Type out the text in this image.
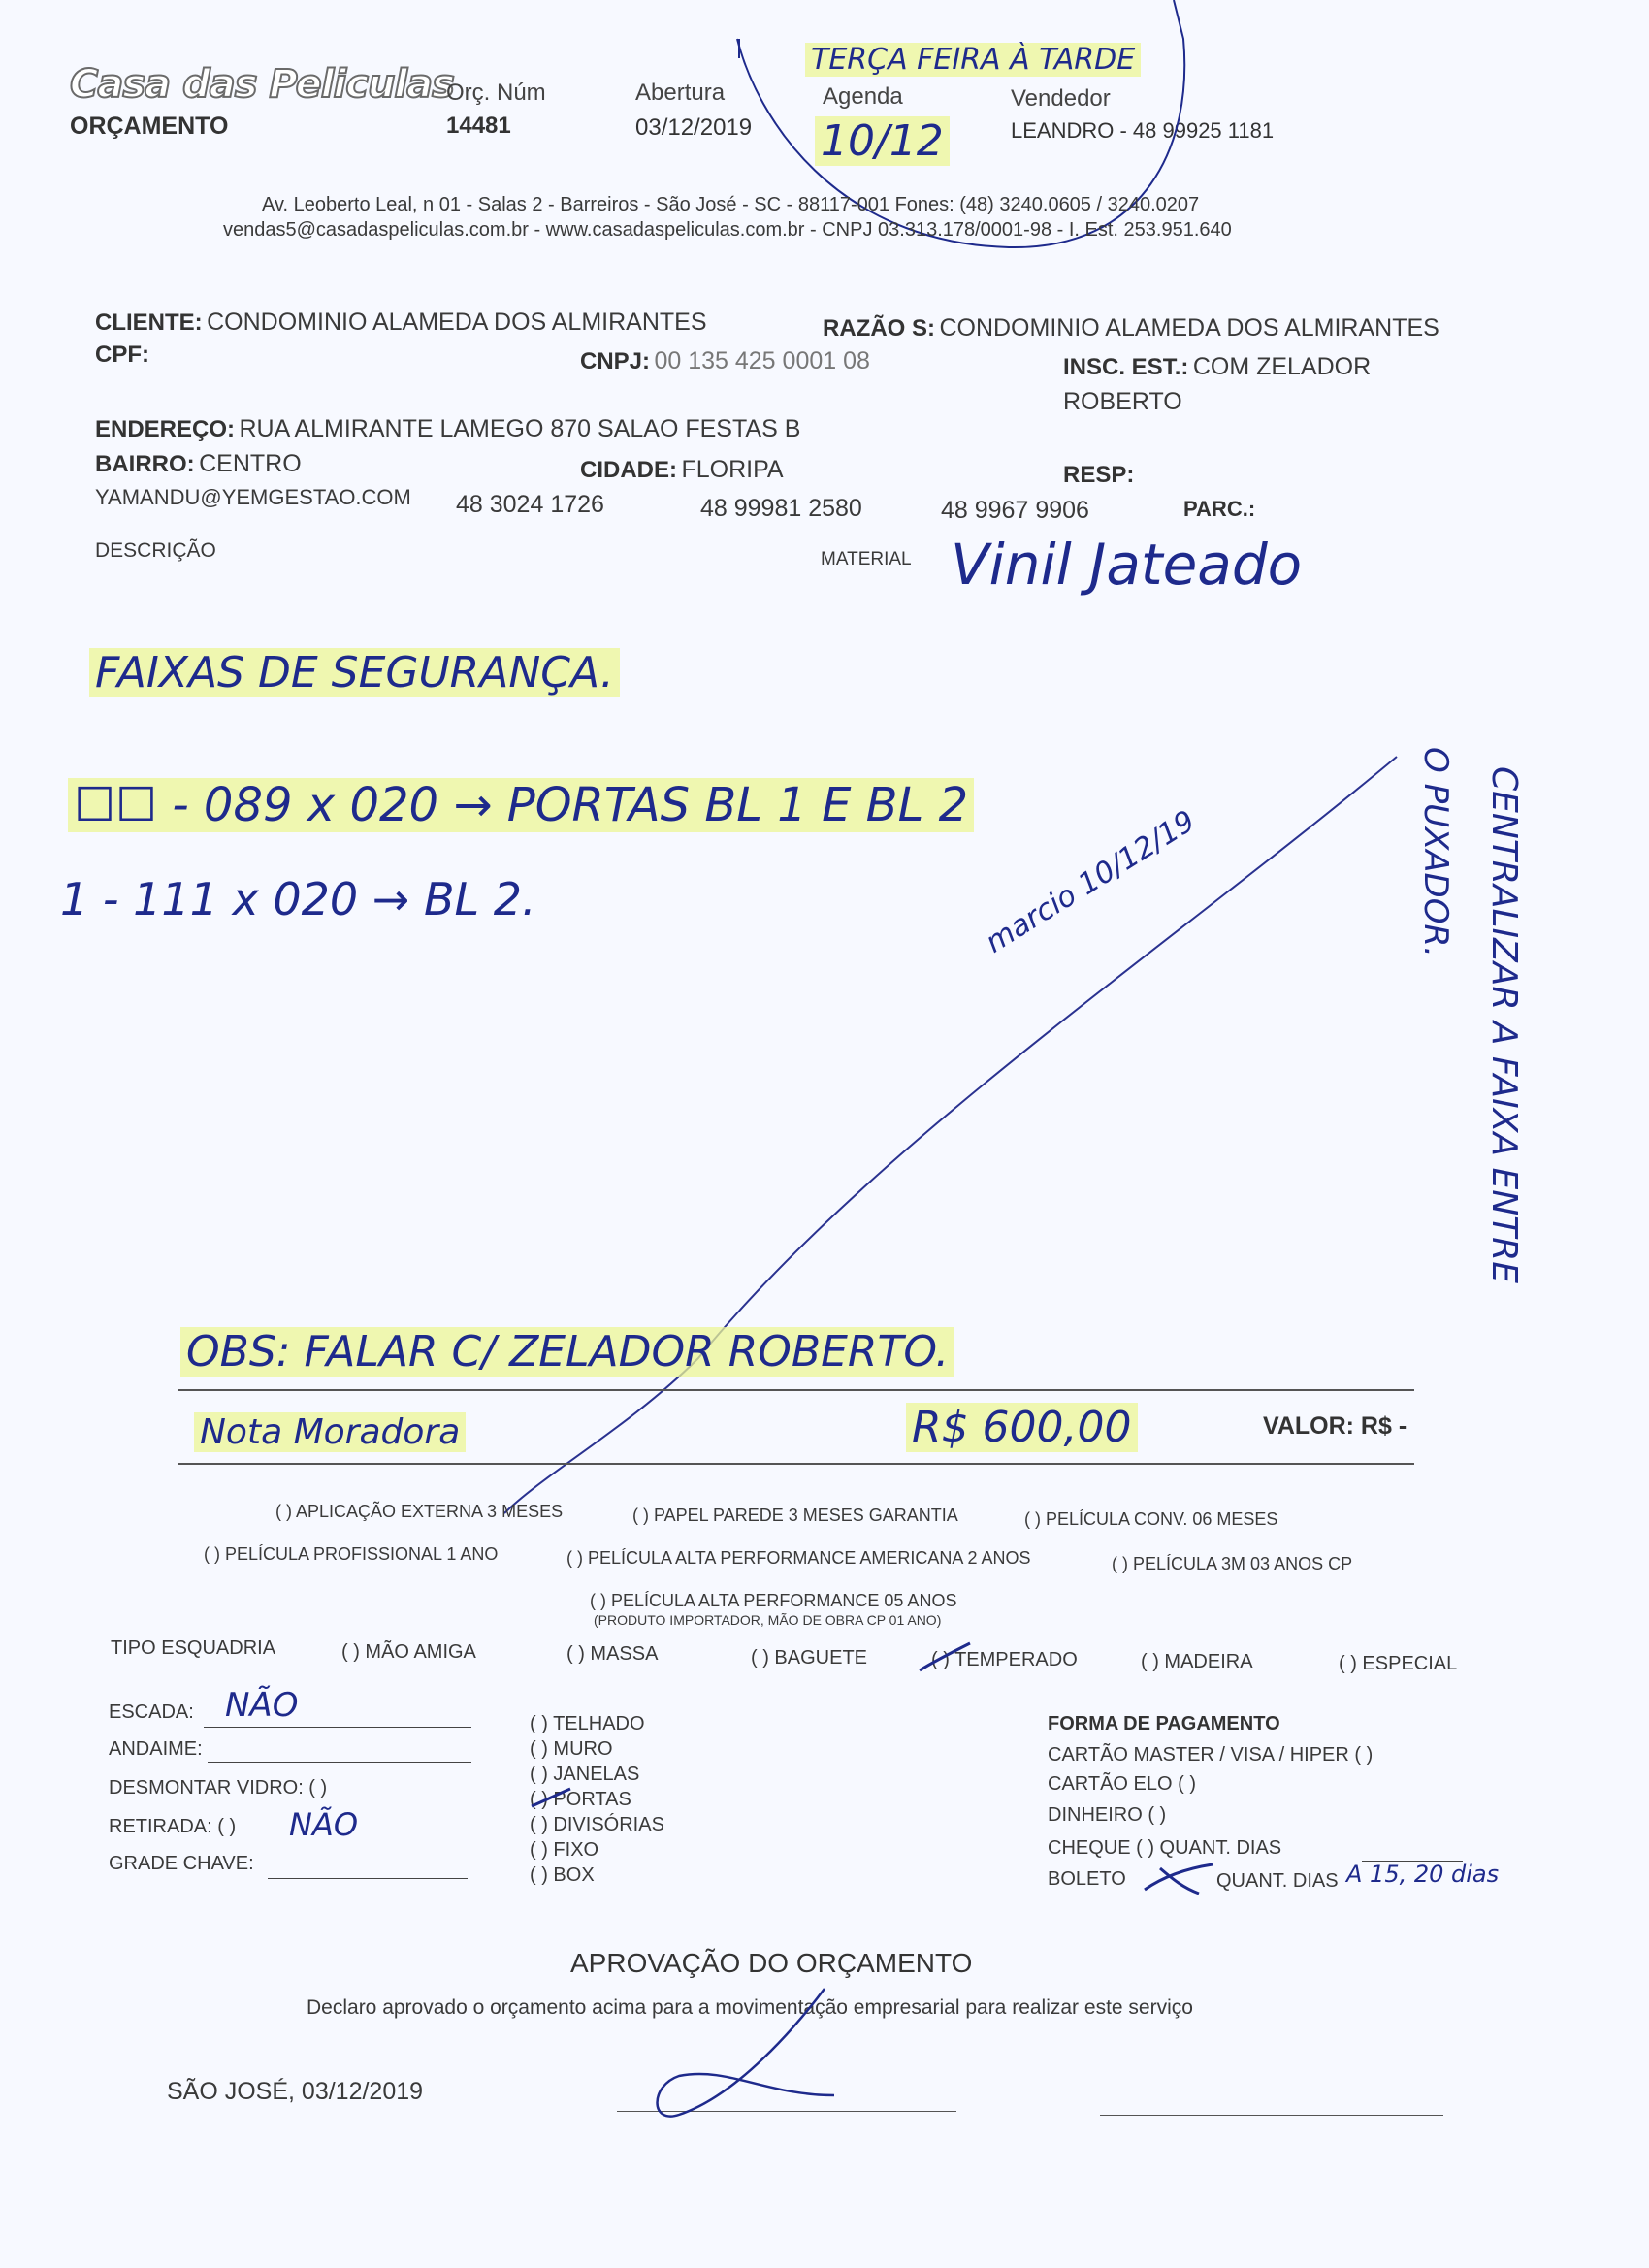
Casa das Peliculas
ORÇAMENTO
Orç. Núm
14481
Abertura
03/12/2019
TERÇA FEIRA À TARDE
Agenda
10/12
Vendedor
LEANDRO - 48 99925 1181
Av. Leoberto Leal, n 01 - Salas 2 - Barreiros - São José - SC - 88117-001 Fones: (48) 3240.0605 / 3240.0207
vendas5@casadaspeliculas.com.br - www.casadaspeliculas.com.br - CNPJ 03.313.178/0001-98 - I. Est. 253.951.640
CLIENTE: CONDOMINIO ALAMEDA DOS ALMIRANTES	RAZÃO S: CONDOMINIO ALAMEDA DOS ALMIRANTES
CPF:	CNPJ: 00 135 425 0001 08	INSC. EST.: COM ZELADOR
ROBERTO
ENDEREÇO: RUA ALMIRANTE LAMEGO 870 SALAO FESTAS B
BAIRRO: CENTRO	CIDADE: FLORIPA	RESP:
YAMANDU@YEMGESTAO.COM 48 3024 1726	48 99981 2580	48 9967 9906	PARC.:
DESCRIÇÃO	MATERIAL Vinil Jateado
FAIXAS DE SEGURANÇA.
☐☐ - 089 x 020 → PORTAS BL 1 E BL 2
1 - 111 x 020 → BL 2.	marcio 10/12/19	CENTRALIZAR A FAIXA ENTRE
O PUXADOR.
OBS: FALAR C/ ZELADOR ROBERTO.
Nota Moradora	R$ 600,00	VALOR: R$ -
( ) APLICAÇÃO EXTERNA 3 MESES	( ) PAPEL PAREDE 3 MESES GARANTIA	( ) PELÍCULA CONV. 06 MESES
( ) PELÍCULA PROFISSIONAL 1 ANO	( ) PELÍCULA ALTA PERFORMANCE AMERICANA 2 ANOS	( ) PELÍCULA 3M 03 ANOS CP
( ) PELÍCULA ALTA PERFORMANCE 05 ANOS
(PRODUTO IMPORTADOR, MÃO DE OBRA CP 01 ANO)
TIPO ESQUADRIA	( ) MÃO AMIGA	( ) MASSA	( ) BAGUETE	( ) TEMPERADO	( ) MADEIRA	( ) ESPECIAL
ESCADA: NÃO
ANDAIME:
DESMONTAR VIDRO: ( )
RETIRADA: ( ) NÃO
GRADE CHAVE:
( ) TELHADO
( ) MURO
( ) JANELAS
( ) PORTAS
( ) DIVISÓRIAS
( ) FIXO
( ) BOX
FORMA DE PAGAMENTO
CARTÃO MASTER / VISA / HIPER ( )
CARTÃO ELO ( )
DINHEIRO ( )
CHEQUE ( ) QUANT. DIAS
BOLETO	QUANT. DIAS A 15, 20 dias
APROVAÇÃO DO ORÇAMENTO
Declaro aprovado o orçamento acima para a movimentação empresarial para realizar este serviço
SÃO JOSÉ, 03/12/2019
